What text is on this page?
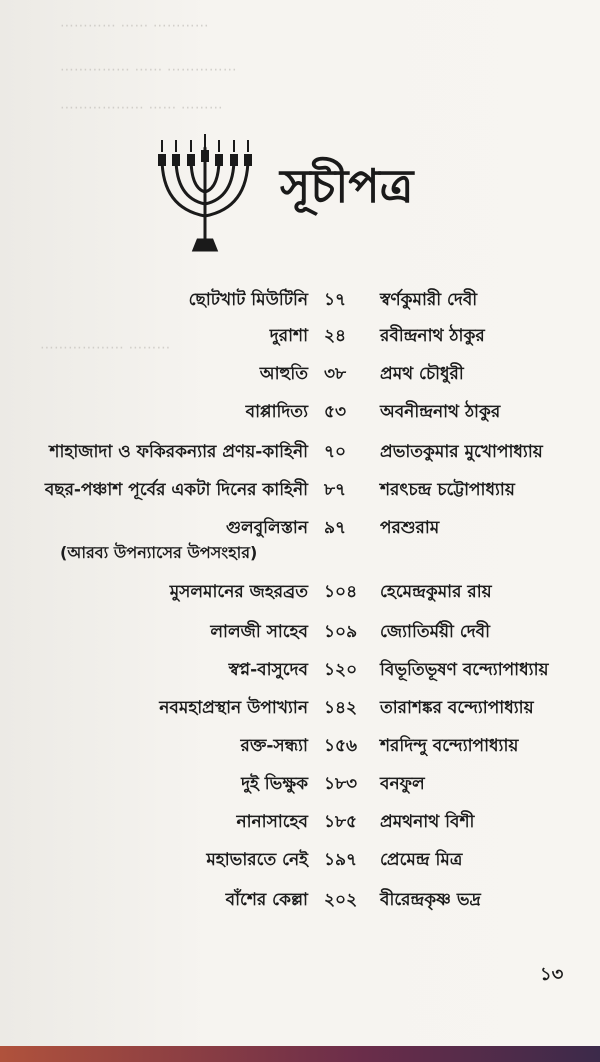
⋯⋯⋯⋯ ⋯⋯ ⋯⋯⋯⋯
⋯⋯⋯⋯⋯ ⋯⋯ ⋯⋯⋯⋯⋯
⋯⋯⋯⋯⋯⋯ ⋯⋯ ⋯⋯⋯
⋯⋯⋯⋯⋯⋯ ⋯⋯⋯
সূচীপত্র
ছোটখাট মিউটিনি ১৭	স্বর্ণকুমারী দেবী
দুরাশা ২৪	রবীন্দ্রনাথ ঠাকুর
আহুতি ৩৮	প্রমথ চৌধুরী
বাপ্পাদিত্য ৫৩	অবনীন্দ্রনাথ ঠাকুর
শাহাজাদা ও ফকিরকন্যার প্রণয়-কাহিনী ৭০	প্রভাতকুমার মুখোপাধ্যায়
বছর-পঞ্চাশ পূর্বের একটা দিনের কাহিনী ৮৭	শরৎচন্দ্র চট্টোপাধ্যায়
গুলবুলিস্তান ৯৭	পরশুরাম
(আরব্য উপন্যাসের উপসংহার)
মুসলমানের জহরব্রত ১০৪	হেমেন্দ্রকুমার রায়
লালজী সাহেব ১০৯	জ্যোতির্ময়ী দেবী
স্বপ্ন-বাসুদেব ১২০	বিভূতিভূষণ বন্দ্যোপাধ্যায়
নবমহাপ্রস্থান উপাখ্যান ১৪২	তারাশঙ্কর বন্দ্যোপাধ্যায়
রক্ত-সন্ধ্যা ১৫৬	শরদিন্দু বন্দ্যোপাধ্যায়
দুই ভিক্ষুক ১৮৩	বনফুল
নানাসাহেব ১৮৫	প্রমথনাথ বিশী
মহাভারতে নেই ১৯৭	প্রেমেন্দ্র মিত্র
বাঁশের কেল্লা ২০২	বীরেন্দ্রকৃষ্ণ ভদ্র
১৩
